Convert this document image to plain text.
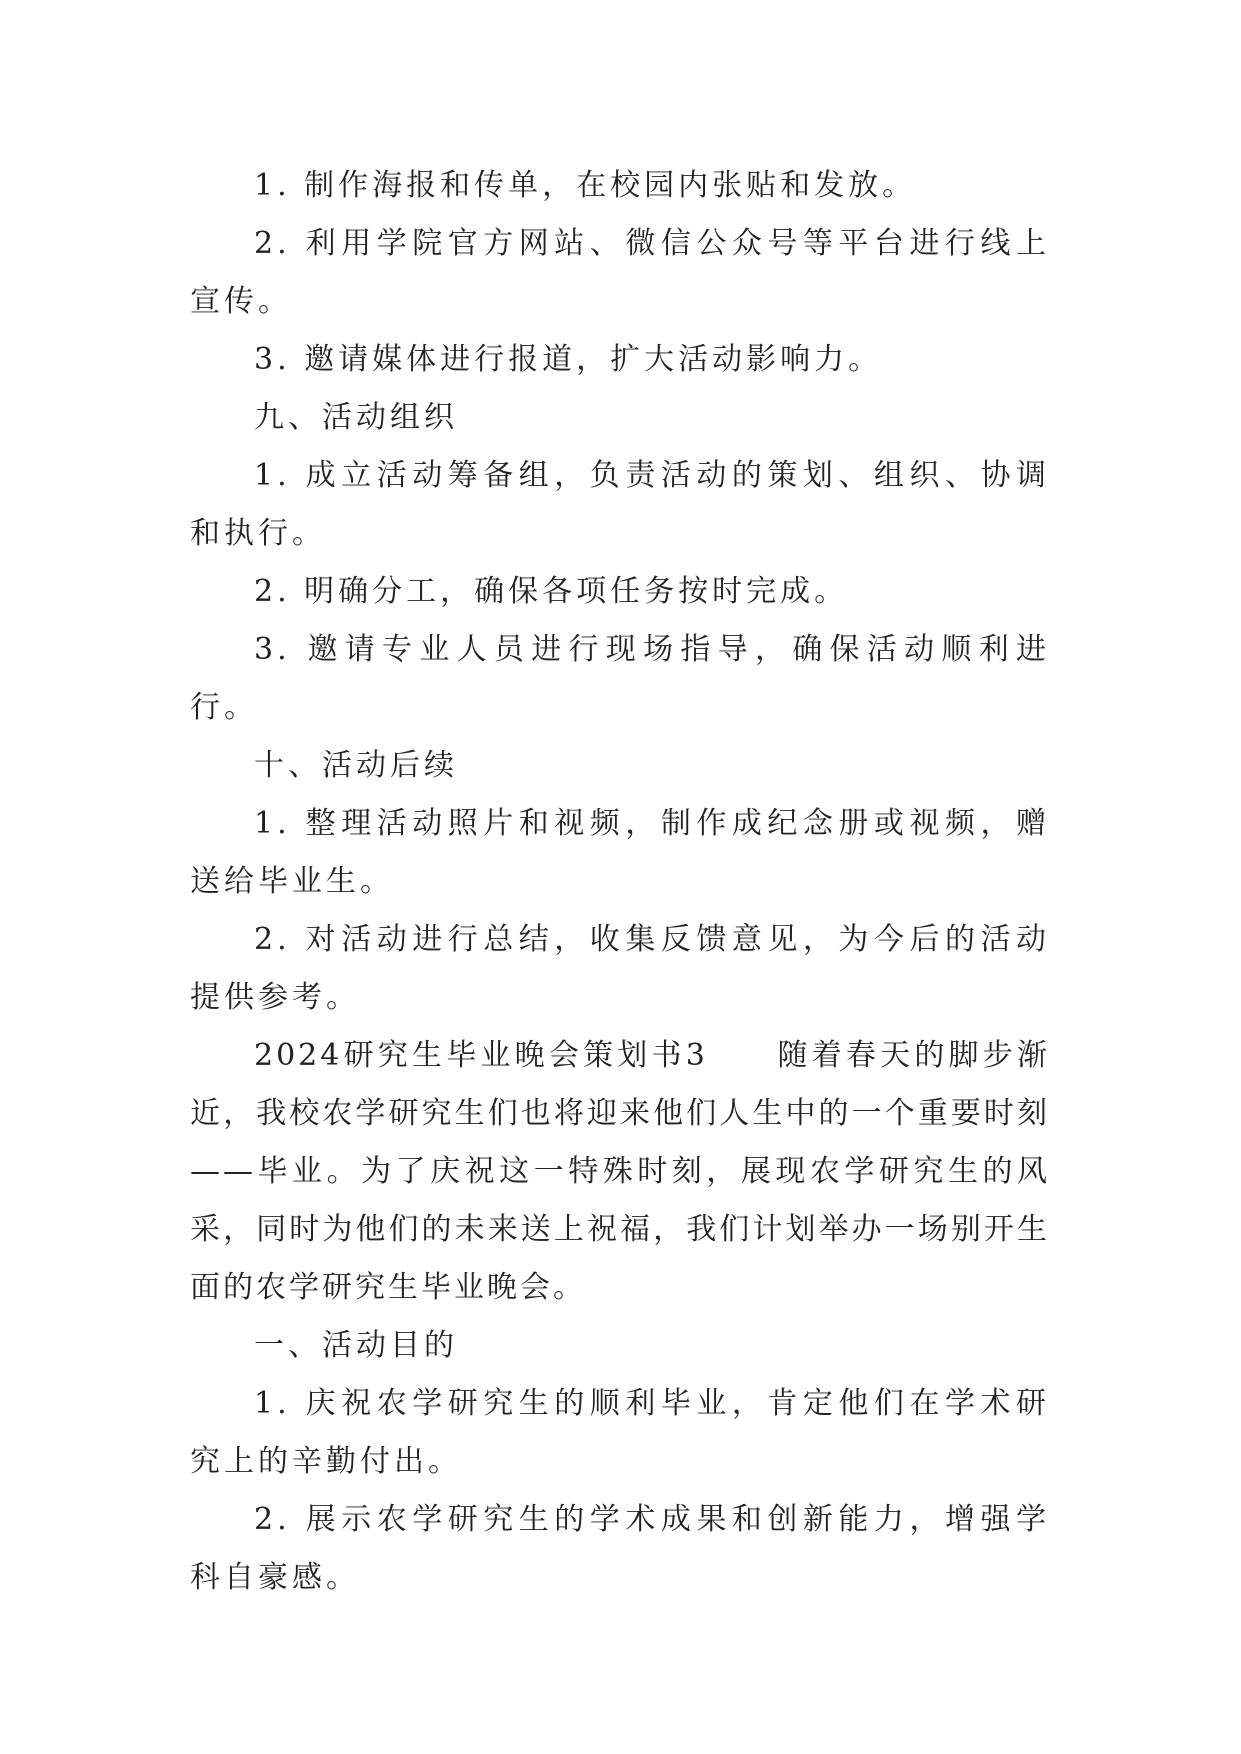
1. 制作海报和传单，在校园内张贴和发放。

2. 利用学院官方网站、微信公众号等平台进行线上宣传。

3. 邀请媒体进行报道，扩大活动影响力。

九、活动组织

1. 成立活动筹备组，负责活动的策划、组织、协调和执行。

2. 明确分工，确保各项任务按时完成。

3. 邀请专业人员进行现场指导，确保活动顺利进行。

十、活动后续

1. 整理活动照片和视频，制作成纪念册或视频，赠送给毕业生。

2. 对活动进行总结，收集反馈意见，为今后的活动提供参考。

2024研究生毕业晚会策划书3　　随着春天的脚步渐近，我校农学研究生们也将迎来他们人生中的一个重要时刻——毕业。为了庆祝这一特殊时刻，展现农学研究生的风采，同时为他们的未来送上祝福，我们计划举办一场别开生面的农学研究生毕业晚会。

一、活动目的

1. 庆祝农学研究生的顺利毕业，肯定他们在学术研究上的辛勤付出。

2. 展示农学研究生的学术成果和创新能力，增强学科自豪感。
